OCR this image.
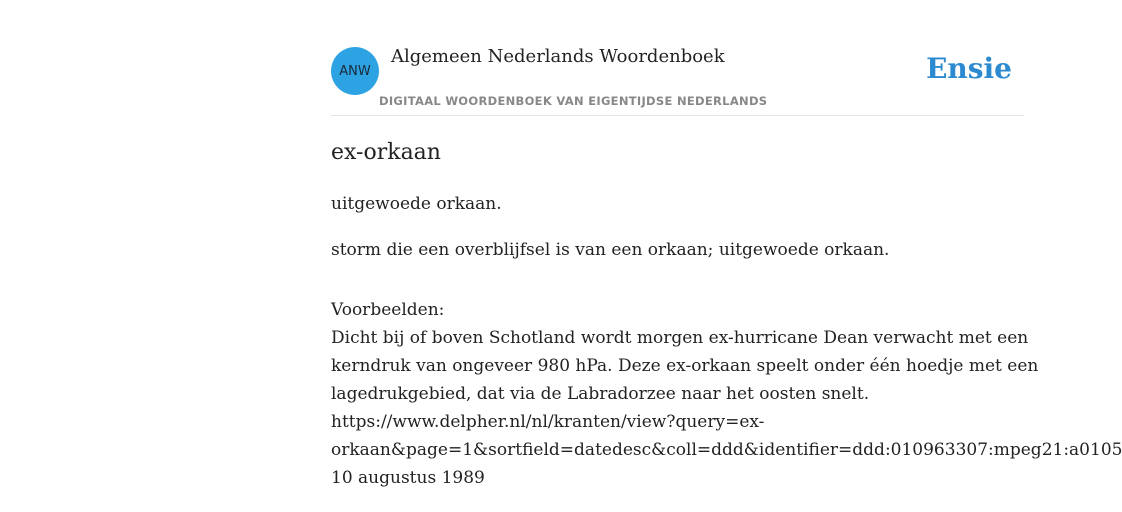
ANW
Algemeen Nederlands Woordenboek
DIGITAAL WOORDENBOEK VAN EIGENTIJDSE NEDERLANDS
Ensie
ex-orkaan

uitgewoede orkaan.

storm die een overblijfsel is van een orkaan; uitgewoede orkaan.

Voorbeelden:
Dicht bij of boven Schotland wordt morgen ex-hurricane Dean verwacht met een
kerndruk van ongeveer 980 hPa. Deze ex-orkaan speelt onder één hoedje met een
lagedrukgebied, dat via de Labradorzee naar het oosten snelt.
https://www.delpher.nl/nl/kranten/view?query=ex-
orkaan&page=1&sortfield=datedesc&coll=ddd&identifier=ddd:010963307:mpeg21:a0105
10 augustus 1989
